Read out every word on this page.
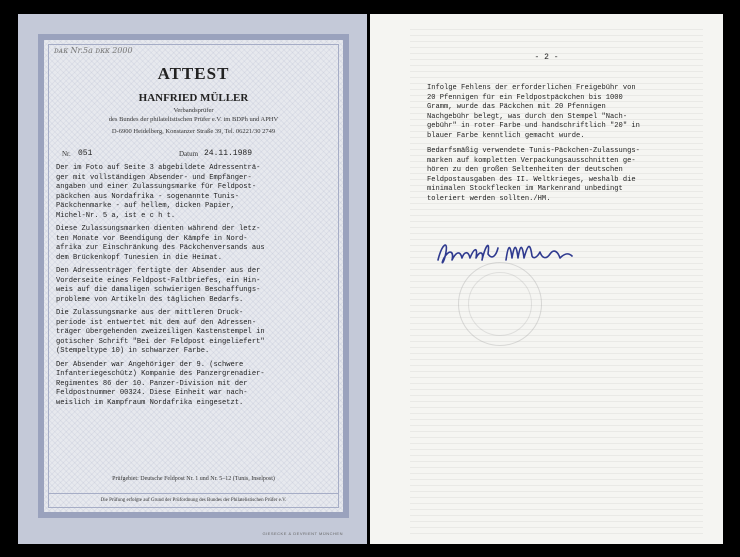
ᴅᴀᴋ Nr.5a ᴅᴋᴋ 2000
ATTEST
HANFRIED MÜLLER
Verbandsprüfer
des Bundes der philatelistischen Prüfer e.V. im BDPh und APHV
D-6900 Heidelberg, Konstanzer Straße 39, Tel. 06221/30 2749
Nr. 051	Datum 24.11.1989

Der im Foto auf Seite 3 abgebildete Adressenträ-
ger mit vollständigen Absender- und Empfänger-
angaben und einer Zulassungsmarke für Feldpost-
päckchen aus Nordafrika - sogenannte Tunis-
Päckchenmarke - auf hellem, dicken Papier,
Michel-Nr. 5 a, ist e c h t.

Diese Zulassungsmarken dienten während der letz-
ten Monate vor Beendigung der Kämpfe in Nord-
afrika zur Einschränkung des Päckchenversands aus
dem Brückenkopf Tunesien in die Heimat.

Den Adressenträger fertigte der Absender aus der
Vorderseite eines Feldpost-Faltbriefes, ein Hin-
weis auf die damaligen schwierigen Beschaffungs-
probleme von Artikeln des täglichen Bedarfs.

Die Zulassungsmarke aus der mittleren Druck-
periode ist entwertet mit dem auf den Adressen-
träger übergehenden zweizeiligen Kastenstempel in
gotischer Schrift "Bei der Feldpost eingeliefert"
(Stempeltype 10) in schwarzer Farbe.

Der Absender war Angehöriger der 9. (schwere
Infanteriegeschütz) Kompanie des Panzergrenadier-
Regimentes 86 der 10. Panzer-Division mit der
Feldpostnummer 00324. Diese Einheit war nach-
weislich im Kampfraum Nordafrika eingesetzt.

Prüfgebiet: Deutsche Feldpost Nr. 1 und Nr. 5–12 (Tunis, Inselpost)
Die Prüfung erfolgte auf Grund der Prüfordnung des Bundes der Philatelistischen Prüfer e.V.
GIESECKE & DEVRIENT MÜNCHEN
- 2 -

Infolge Fehlens der erforderlichen Freigebühr von
20 Pfennigen für ein Feldpostpäckchen bis 1000
Gramm, wurde das Päckchen mit 20 Pfennigen
Nachgebühr belegt, was durch den Stempel "Nach-
gebühr" in roter Farbe und handschriftlich "20" in
blauer Farbe kenntlich gemacht wurde.

Bedarfsmäßig verwendete Tunis-Päckchen-Zulassungs-
marken auf kompletten Verpackungsausschnitten ge-
hören zu den großen Seltenheiten der deutschen
Feldpostausgaben des II. Weltkrieges, weshalb die
minimalen Stockflecken im Markenrand unbedingt
toleriert werden sollten./HM.
